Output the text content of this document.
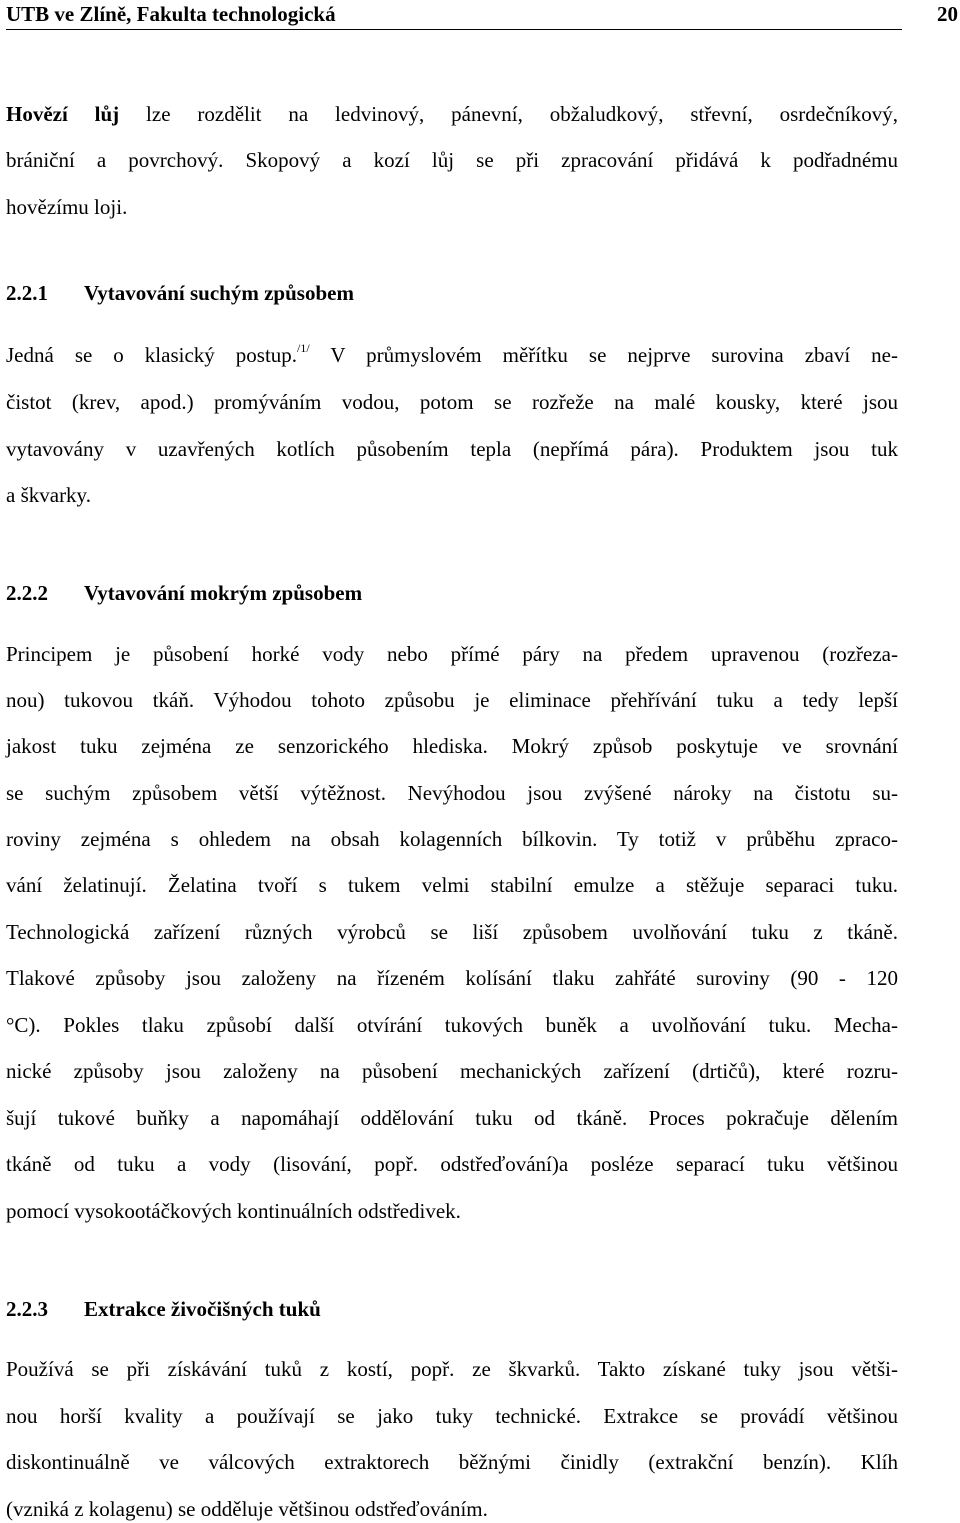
UTB ve Zlíně, Fakulta technologická	20
Hovězí lůj lze rozdělit na ledvinový, pánevní, obžaludkový, střevní, osrdečníkový,
brániční a povrchový. Skopový a kozí lůj se při zpracování přidává k podřadnému
hovězímu loji.
2.2.1 Vytavování suchým způsobem
Jedná se o klasický postup.$^{/1/}$ V průmyslovém měřítku se nejprve surovina zbaví ne-
čistot (krev, apod.) promýváním vodou, potom se rozřeže na malé kousky, které jsou
vytavovány v uzavřených kotlích působením tepla (nepřímá pára). Produktem jsou tuk
a škvarky.
2.2.2 Vytavování mokrým způsobem
Principem je působení horké vody nebo přímé páry na předem upravenou (rozřeza-
nou) tukovou tkáň. Výhodou tohoto způsobu je eliminace přehřívání tuku a tedy lepší
jakost tuku zejména ze senzorického hlediska. Mokrý způsob poskytuje ve srovnání
se suchým způsobem větší výtěžnost. Nevýhodou jsou zvýšené nároky na čistotu su-
roviny zejména s ohledem na obsah kolagenních bílkovin. Ty totiž v průběhu zpraco-
vání želatinují. Želatina tvoří s tukem velmi stabilní emulze a stěžuje separaci tuku.
Technologická zařízení různých výrobců se liší způsobem uvolňování tuku z tkáně.
Tlakové způsoby jsou založeny na řízeném kolísání tlaku zahřáté suroviny (90 - 120
°C). Pokles tlaku způsobí další otvírání tukových buněk a uvolňování tuku. Mecha-
nické způsoby jsou založeny na působení mechanických zařízení (drtičů), které rozru-
šují tukové buňky a napomáhají oddělování tuku od tkáně. Proces pokračuje dělením
tkáně od tuku a vody (lisování, popř. odstřeďování)a posléze separací tuku většinou
pomocí vysokootáčkových kontinuálních odstředivek.
2.2.3 Extrakce živočišných tuků
Používá se při získávání tuků z kostí, popř. ze škvarků. Takto získané tuky jsou větši-
nou horší kvality a používají se jako tuky technické. Extrakce se provádí většinou
diskontinuálně ve válcových extraktorech běžnými činidly (extrakční benzín). Klíh
(vzniká z kolagenu) se odděluje většinou odstřeďováním.
